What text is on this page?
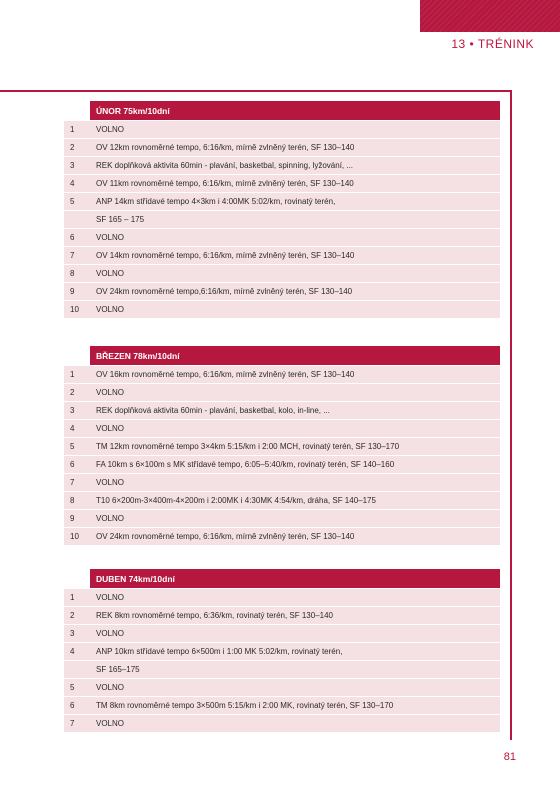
13 • TRÉNINK
	ÚNOR 75km/10dní
1	VOLNO
2	OV 12km rovnoměrné tempo, 6:16/km, mírně zvlněný terén, SF 130–140
3	REK doplňková aktivita 60min - plavání, basketbal, spinning, lyžování, ...
4	OV 11km rovnoměrné tempo, 6:16/km, mírně zvlněný terén, SF 130–140
5	ANP 14km střídavé tempo 4×3km i 4:00MK 5:02/km, rovinatý terén,
	SF 165 – 175
6	VOLNO
7	OV 14km rovnoměrné tempo, 6:16/km, mírně zvlněný terén, SF 130–140
8	VOLNO
9	OV 24km rovnoměrné tempo,6:16/km, mírně zvlněný terén, SF 130–140
10	VOLNO
	BŘEZEN 78km/10dní
1	OV 16km rovnoměrné tempo, 6:16/km, mírně zvlněný terén, SF 130–140
2	VOLNO
3	REK doplňková aktivita 60min - plavání, basketbal, kolo, in-line, ...
4	VOLNO
5	TM 12km rovnoměrné tempo 3×4km 5:15/km i 2:00 MCH, rovinatý terén, SF 130–170
6	FA 10km s 6×100m s MK střídavé tempo, 6:05–5:40/km, rovinatý terén, SF 140–160
7	VOLNO
8	T10 6×200m-3×400m-4×200m i 2:00MK i 4:30MK 4:54/km, dráha, SF 140–175
9	VOLNO
10	OV 24km rovnoměrné tempo, 6:16/km, mírně zvlněný terén, SF 130–140
	DUBEN 74km/10dní
1	VOLNO
2	REK 8km rovnoměrné tempo, 6:36/km, rovinatý terén, SF 130–140
3	VOLNO
4	ANP 10km střídavé tempo 6×500m i 1:00 MK 5:02/km, rovinatý terén,
	SF 165–175
5	VOLNO
6	TM 8km rovnoměrné tempo 3×500m 5:15/km i 2:00 MK, rovinatý terén, SF 130–170
7	VOLNO
81
